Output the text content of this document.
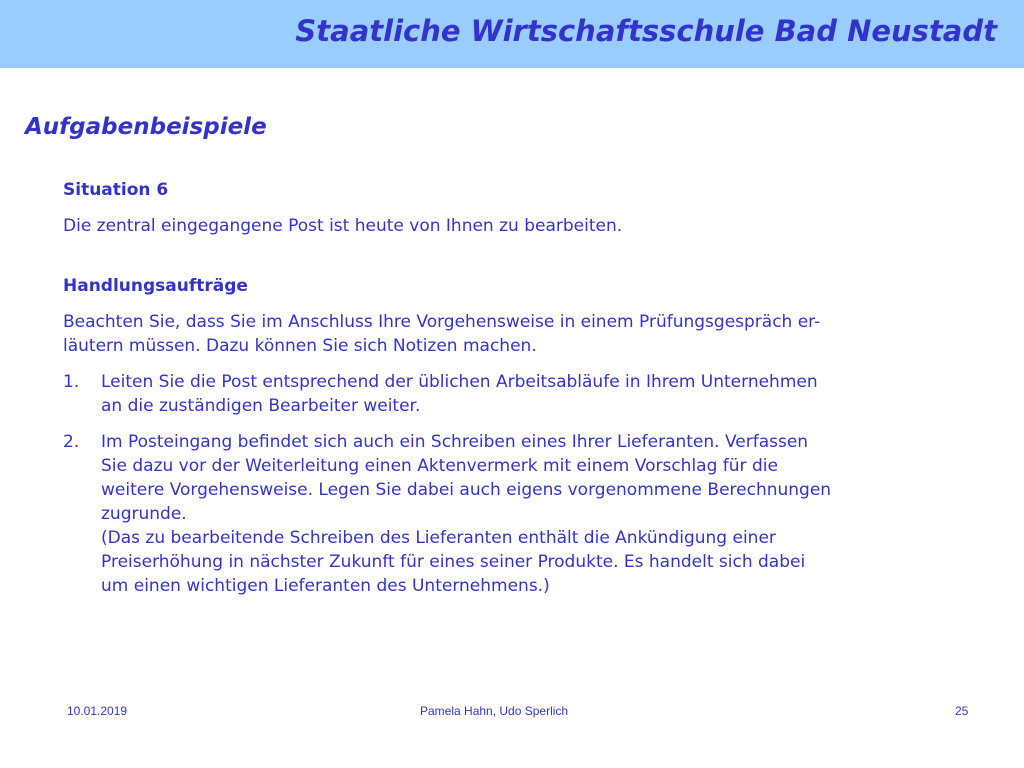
Staatliche Wirtschaftsschule Bad Neustadt
Aufgabenbeispiele

Situation 6

Die zentral eingegangene Post ist heute von Ihnen zu bearbeiten.

Handlungsaufträge

Beachten Sie, dass Sie im Anschluss Ihre Vorgehensweise in einem Prüfungsgespräch er-
läutern müssen. Dazu können Sie sich Notizen machen.

1. Leiten Sie die Post entsprechend der üblichen Arbeitsabläufe in Ihrem Unternehmen
an die zuständigen Bearbeiter weiter.
2. Im Posteingang befindet sich auch ein Schreiben eines Ihrer Lieferanten. Verfassen
Sie dazu vor der Weiterleitung einen Aktenvermerk mit einem Vorschlag für die
weitere Vorgehensweise. Legen Sie dabei auch eigens vorgenommene Berechnungen
zugrunde.
(Das zu bearbeitende Schreiben des Lieferanten enthält die Ankündigung einer
Preiserhöhung in nächster Zukunft für eines seiner Produkte. Es handelt sich dabei
um einen wichtigen Lieferanten des Unternehmens.)

10.01.2019	Pamela Hahn, Udo Sperlich	25
